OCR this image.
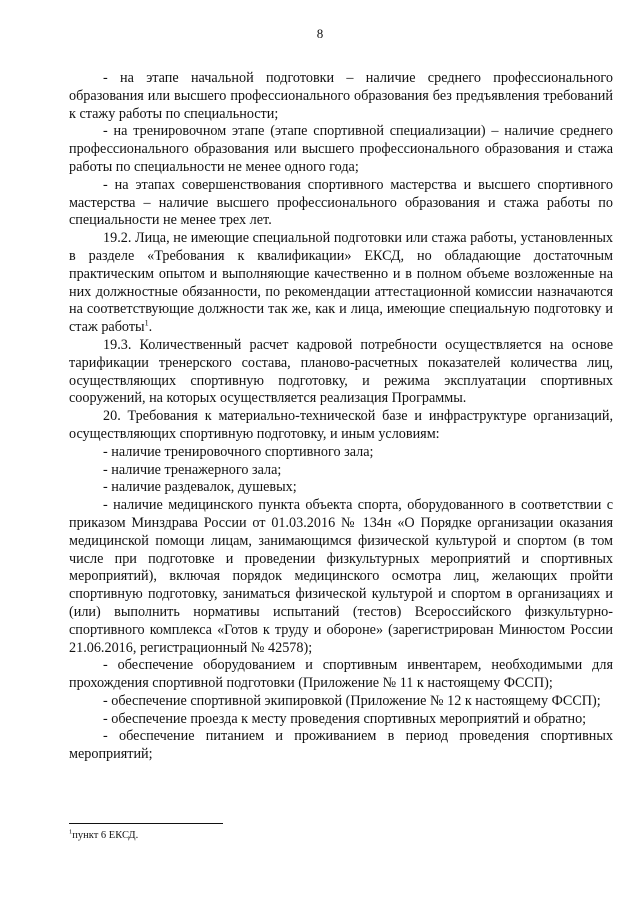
8

- на этапе начальной подготовки – наличие среднего профессионального образования или высшего профессионального образования без предъявления требований к стажу работы по специальности;

- на тренировочном этапе (этапе спортивной специализации) – наличие среднего профессионального образования или высшего профессионального образования и стажа работы по специальности не менее одного года;

- на этапах совершенствования спортивного мастерства и высшего спортивного мастерства – наличие высшего профессионального образования и стажа работы по специальности не менее трех лет.

19.2. Лица, не имеющие специальной подготовки или стажа работы, установленных в разделе «Требования к квалификации» ЕКСД, но обладающие достаточным практическим опытом и выполняющие качественно и в полном объеме возложенные на них должностные обязанности, по рекомендации аттестационной комиссии назначаются на соответствующие должности так же, как и лица, имеющие специальную подготовку и стаж работы$^1$.

19.3. Количественный расчет кадровой потребности осуществляется на основе тарификации тренерского состава, планово-расчетных показателей количества лиц, осуществляющих спортивную подготовку, и режима эксплуатации спортивных сооружений, на которых осуществляется реализация Программы.

20. Требования к материально-технической базе и инфраструктуре организаций, осуществляющих спортивную подготовку, и иным условиям:

- наличие тренировочного спортивного зала;

- наличие тренажерного зала;

- наличие раздевалок, душевых;

- наличие медицинского пункта объекта спорта, оборудованного в соответствии с приказом Минздрава России от 01.03.2016 № 134н «О Порядке организации оказания медицинской помощи лицам, занимающимся физической культурой и спортом (в том числе при подготовке и проведении физкультурных мероприятий и спортивных мероприятий), включая порядок медицинского осмотра лиц, желающих пройти спортивную подготовку, заниматься физической культурой и спортом в организациях и (или) выполнить нормативы испытаний (тестов) Всероссийского физкультурно-спортивного комплекса «Готов к труду и обороне» (зарегистрирован Минюстом России 21.06.2016, регистрационный № 42578);

- обеспечение оборудованием и спортивным инвентарем, необходимыми для прохождения спортивной подготовки (Приложение № 11 к настоящему ФССП);

- обеспечение спортивной экипировкой (Приложение № 12 к настоящему ФССП);

- обеспечение проезда к месту проведения спортивных мероприятий и обратно;

- обеспечение питанием и проживанием в период проведения спортивных мероприятий;

$^1$пункт 6 ЕКСД.
